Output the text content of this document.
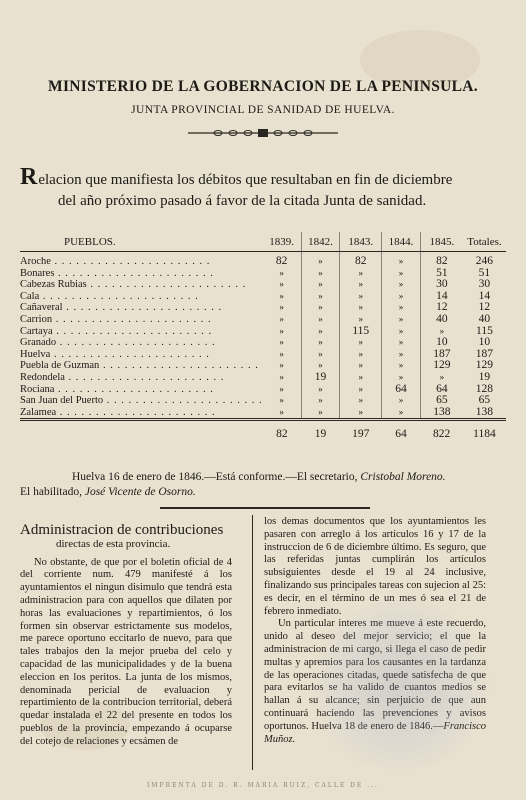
MINISTERIO DE LA GOBERNACION DE LA PENINSULA.
JUNTA PROVINCIAL DE SANIDAD DE HUELVA.
Relacion que manifiesta los débitos que resultaban en fin de diciembre
del año próximo pasado á favor de la citada Junta de sanidad.
PUEBLOS.	1839.	1842.	1843.	1844.	1845.	Totales.
Aroche . . .	82	»	82	»	82	246
Bonares . . .	»	»	»	»	51	51
Cabezas Rubias . . .	»	»	»	»	30	30
Cala . . .	»	»	»	»	14	14
Cañaveral . . .	»	»	»	»	12	12
Carrion . . .	»	»	»	»	40	40
Cartaya . . .	»	»	115	»	»	115
Granado . . .	»	»	»	»	10	10
Huelva . . .	»	»	»	»	187	187
Puebla de Guzman . . .	»	»	»	»	129	129
Redondela . . .	»	19	»	»	»	19
Rociana . . .	»	»	»	64	64	128
San Juan del Puerto . . .	»	»	»	»	65	65
Zalamea . . .	»	»	»	»	138	138
	82	19	197	64	822	1184
Huelva 16 de enero de 1846.—Está conforme.—El secretario, Cristobal Moreno.
El habilitado, José Vicente de Osorno.
Administracion de contribuciones
directas de esta provincia.

No obstante, de que por el boletin oficial de 4 del corriente num. 479 manifesté á los ayuntamientos el ningun disimulo que tendrá esta administracion para con aquellos que dilaten por horas las evaluaciones y repartimientos, ó los formen sin observar estrictamente sus modelos, me parece oportuno eccitarlo de nuevo, para que tales trabajos den la mejor prueba del celo y capacidad de las municipalidades y de la buena eleccion en los peritos. La junta de los mismos, denominada pericial de evaluacion y repartimiento de la contribucion territorial, deberá quedar instalada el 22 del presente en todos los pueblos de la provincia, empezando á ocuparse del cotejo de relaciones y ecsámen de

los demas documentos que los ayuntamientos les pasaren con arreglo á los artículos 16 y 17 de la instruccion de 6 de diciembre último. Es seguro, que las referidas juntas cumplirán los artículos subsiguientes desde el 19 al 24 inclusive, finalizando sus principales tareas con sujecion al 25: es decir, en el término de un mes ó sea el 21 de febrero inmediato.

Un particular interes me mueve á este recuerdo, unido al deseo del mejor servicio; el que la administracion de mi cargo, si llega el caso de pedir multas y apremios para los causantes en la tardanza de las operaciones citadas, quede satisfecha de que para evitarlos se ha valido de cuantos medios se hallan á su alcance; sin perjuicio de que aun continuará haciendo las prevenciones y avisos oportunos. Huelva 18 de enero de 1846.—Francisco Muñoz.

IMPRENTA DE D. R. MARIA RUIZ, CALLE DE ...
